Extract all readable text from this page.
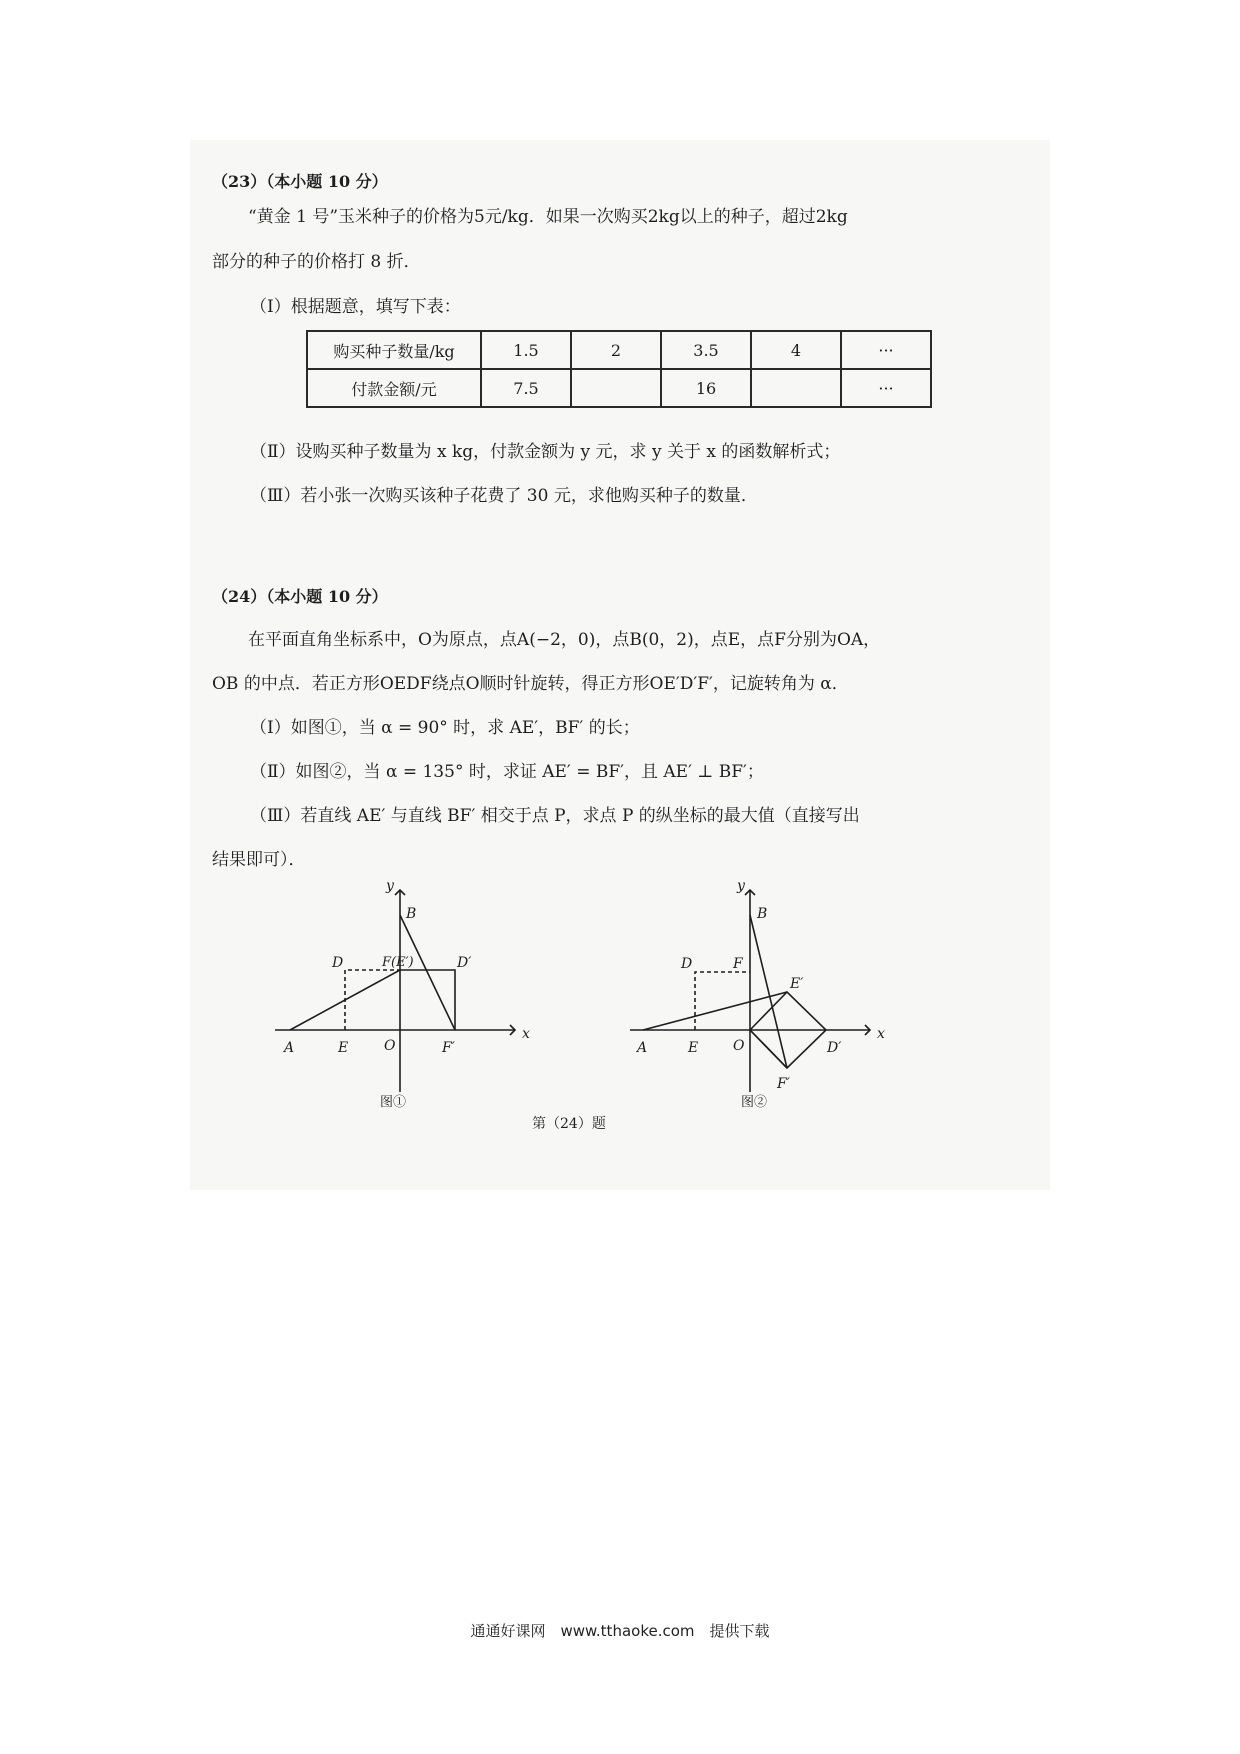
（23）（本小题 10 分）
“黄金 1 号”玉米种子的价格为5元/kg．如果一次购买2kg以上的种子，超过2kg
部分的种子的价格打 8 折．
（Ⅰ）根据题意，填写下表：
购买种子数量/kg	1.5	2	3.5	4	···
付款金额/元	7.5		16		···
（Ⅱ）设购买种子数量为 x kg，付款金额为 y 元，求 y 关于 x 的函数解析式；
（Ⅲ）若小张一次购买该种子花费了 30 元，求他购买种子的数量．
（24）（本小题 10 分）
在平面直角坐标系中，O为原点，点A(−2，0)，点B(0，2)，点E，点F分别为OA，
OB 的中点．若正方形OEDF绕点O顺时针旋转，得正方形OE′D′F′，记旋转角为 α．
（Ⅰ）如图①，当 α = 90° 时，求 AE′，BF′ 的长；
（Ⅱ）如图②，当 α = 135° 时，求证 AE′ = BF′，且 AE′ ⊥ BF′；
（Ⅲ）若直线 AE′ 与直线 BF′ 相交于点 P，求点 P 的纵坐标的最大值（直接写出
结果即可）．
y
B
D	F(E′)	D′
A	E	O	F′
x
图①
y
B
D	F
E′
A	E O	D′
F′
x
图②
第（24）题
通通好课网　www.tthaoke.com　提供下载
